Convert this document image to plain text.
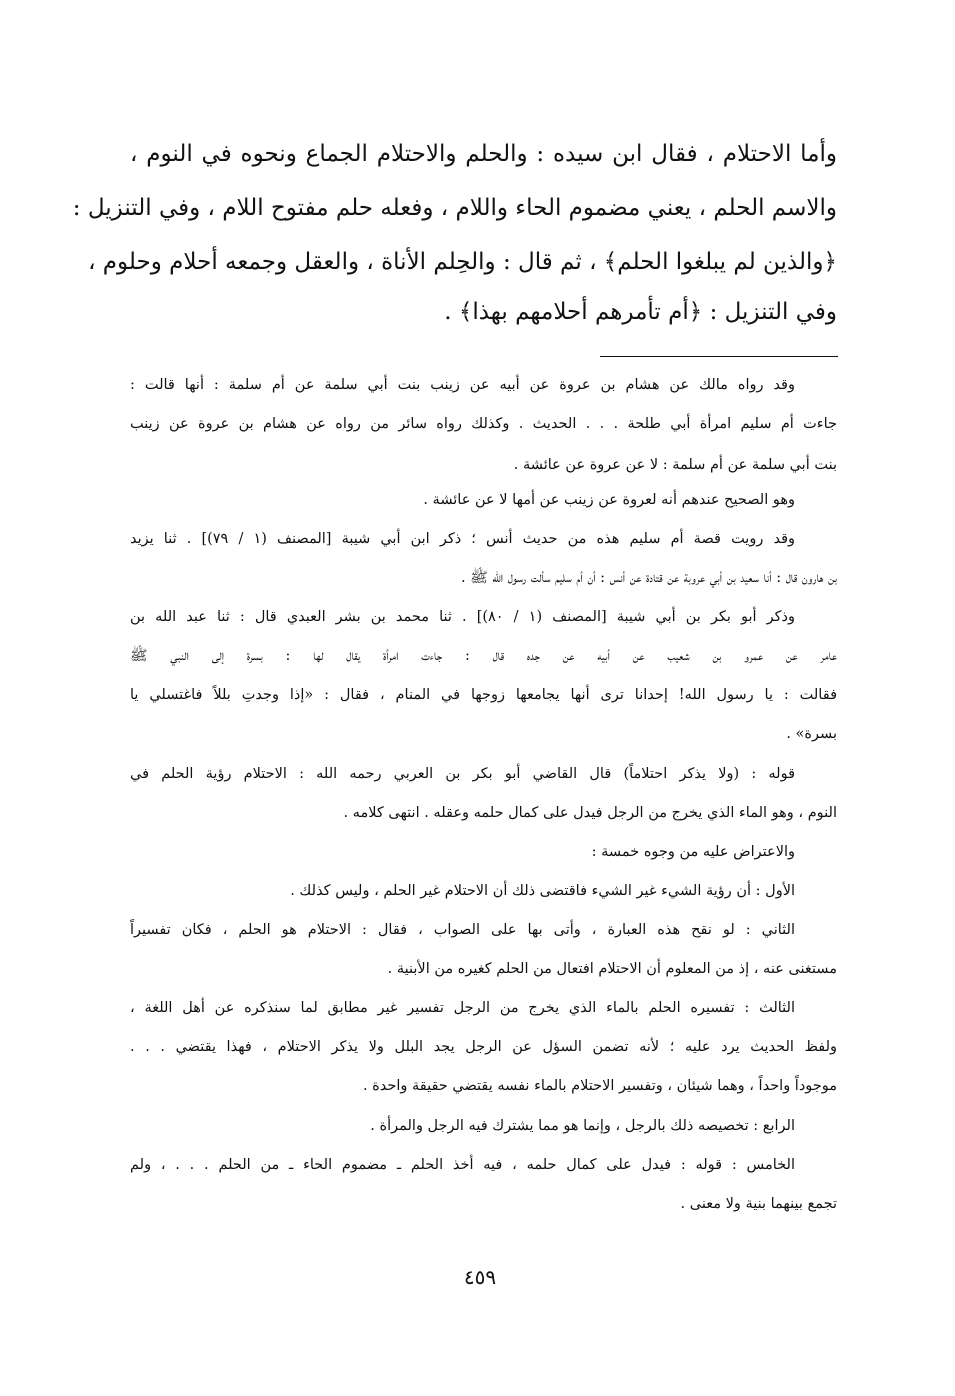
وأما الاحتلام ، فقال ابن سيده : والحلم والاحتلام الجماع ونحوه في النوم ،
والاسم الحلم ، يعني مضموم الحاء واللام ، وفعله حلم مفتوح اللام ، وفي التنزيل :
﴿والذين لم يبلغوا الحلم﴾ ، ثم قال : والحِلم الأناة ، والعقل وجمعه أحلام وحلوم ،
وفي التنزيل : ﴿أم تأمرهم أحلامهم بهذا﴾ .
وقد رواه مالك عن هشام بن عروة عن أبيه عن زينب بنت أبي سلمة عن أم سلمة : أنها قالت :
جاءت أم سليم امرأة أبي طلحة . . . الحديث . وكذلك رواه سائر من رواه عن هشام بن عروة عن زينب
بنت أبي سلمة عن أم سلمة : لا عن عروة عن عائشة .
وهو الصحيح عندهم أنه لعروة عن زينب عن أمها لا عن عائشة .
وقد رويت قصة أم سليم هذه من حديث أنس ؛ ذكر ابن أبي شيبة [المصنف (١ / ٧٩)] . ثنا يزيد
بن هارون قال : أنا سعيد بن أبي عروبة عن قتادة عن أنس : أن أم سليم سألت رسول الله ﷺ .
وذكر أبو بكر بن أبي شيبة [المصنف (١ / ٨٠)] . ثنا محمد بن بشر العبدي قال : ثنا عبد الله بن
عامر عن عمرو بن شعيب عن أبيه عن جده قال : جاءت امرأة يقال لها : بسرة إلى النبي ﷺ
فقالت : يا رسول الله! إحدانا ترى أنها يجامعها زوجها في المنام ، فقال : «إذا وجدتِ بللاً فاغتسلي يا
بسرة» .
قوله : (ولا يذكر احتلاماً) قال القاضي أبو بكر بن العربي رحمه الله : الاحتلام رؤية الحلم في
النوم ، وهو الماء الذي يخرج من الرجل فيدل على كمال حلمه وعقله . انتهى كلامه .
والاعتراض عليه من وجوه خمسة :
الأول : أن رؤية الشيء غير الشيء فاقتضى ذلك أن الاحتلام غير الحلم ، وليس كذلك .
الثاني : لو نقح هذه العبارة ، وأتى بها على الصواب ، فقال : الاحتلام هو الحلم ، فكان تفسيراً
مستغنى عنه ، إذ من المعلوم أن الاحتلام افتعال من الحلم كغيره من الأبنية .
الثالث : تفسيره الحلم بالماء الذي يخرج من الرجل تفسير غير مطابق لما سنذكره عن أهل اللغة ،
ولفظ الحديث يرد عليه ؛ لأنه تضمن السؤل عن الرجل يجد البلل ولا يذكر الاحتلام ، فهذا يقتضي . . .
موجوداً واحداً ، وهما شيئان ، وتفسير الاحتلام بالماء نفسه يقتضي حقيقة واحدة .
الرابع : تخصيصه ذلك بالرجل ، وإنما هو مما يشترك فيه الرجل والمرأة .
الخامس : قوله : فيدل على كمال حلمه ، فيه أخذ الحلم ـ مضموم الحاء ـ من الحلم . . . ، ولم
تجمع بينهما بنية ولا معنى .
٤٥٩
